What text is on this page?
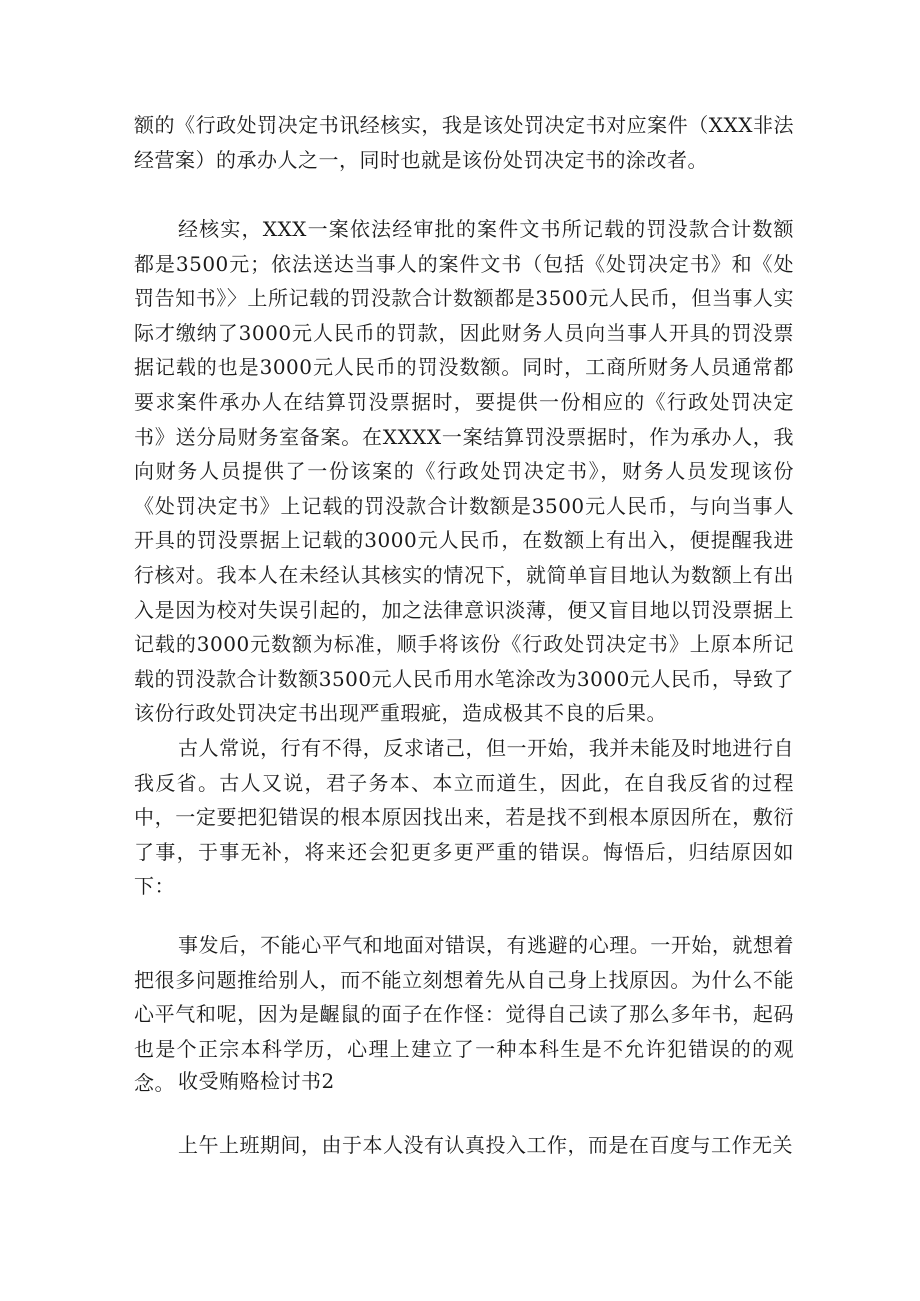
额的《行政处罚决定书讯经核实，我是该处罚决定书对应案件（XXX非法经营案）的承办人之一，同时也就是该份处罚决定书的涂改者。

经核实，XXX一案依法经审批的案件文书所记载的罚没款合计数额都是3500元；依法送达当事人的案件文书（包括《处罚决定书》和《处罚告知书》〉上所记载的罚没款合计数额都是3500元人民币，但当事人实际才缴纳了3000元人民币的罚款，因此财务人员向当事人开具的罚没票据记载的也是3000元人民币的罚没数额。同时，工商所财务人员通常都要求案件承办人在结算罚没票据时，要提供一份相应的《行政处罚决定书》送分局财务室备案。在XXXX一案结算罚没票据时，作为承办人，我向财务人员提供了一份该案的《行政处罚决定书》，财务人员发现该份《处罚决定书》上记载的罚没款合计数额是3500元人民币，与向当事人开具的罚没票据上记载的3000元人民币，在数额上有出入，便提醒我进行核对。我本人在未经认其核实的情况下，就简单盲目地认为数额上有出入是因为校对失误引起的，加之法律意识淡薄，便又盲目地以罚没票据上记载的3000元数额为标准，顺手将该份《行政处罚决定书》上原本所记载的罚没款合计数额3500元人民币用水笔涂改为3000元人民币，导致了该份行政处罚决定书出现严重瑕疵，造成极其不良的后果。

古人常说，行有不得，反求诸己，但一开始，我并未能及时地进行自我反省。古人又说，君子务本、本立而道生，因此，在自我反省的过程中，一定要把犯错误的根本原因找出来，若是找不到根本原因所在，敷衍了事，于事无补，将来还会犯更多更严重的错误。悔悟后，归结原因如下：

事发后，不能心平气和地面对错误，有逃避的心理。一开始，就想着把很多问题推给别人，而不能立刻想着先从自己身上找原因。为什么不能心平气和呢，因为是齷鼠的面子在作怪：觉得自己读了那么多年书，起码也是个正宗本科学历，心理上建立了一种本科生是不允许犯错误的的观念。 收受贿赂检讨书2

上午上班期间，由于本人没有认真投入工作，而是在百度与工作无关
